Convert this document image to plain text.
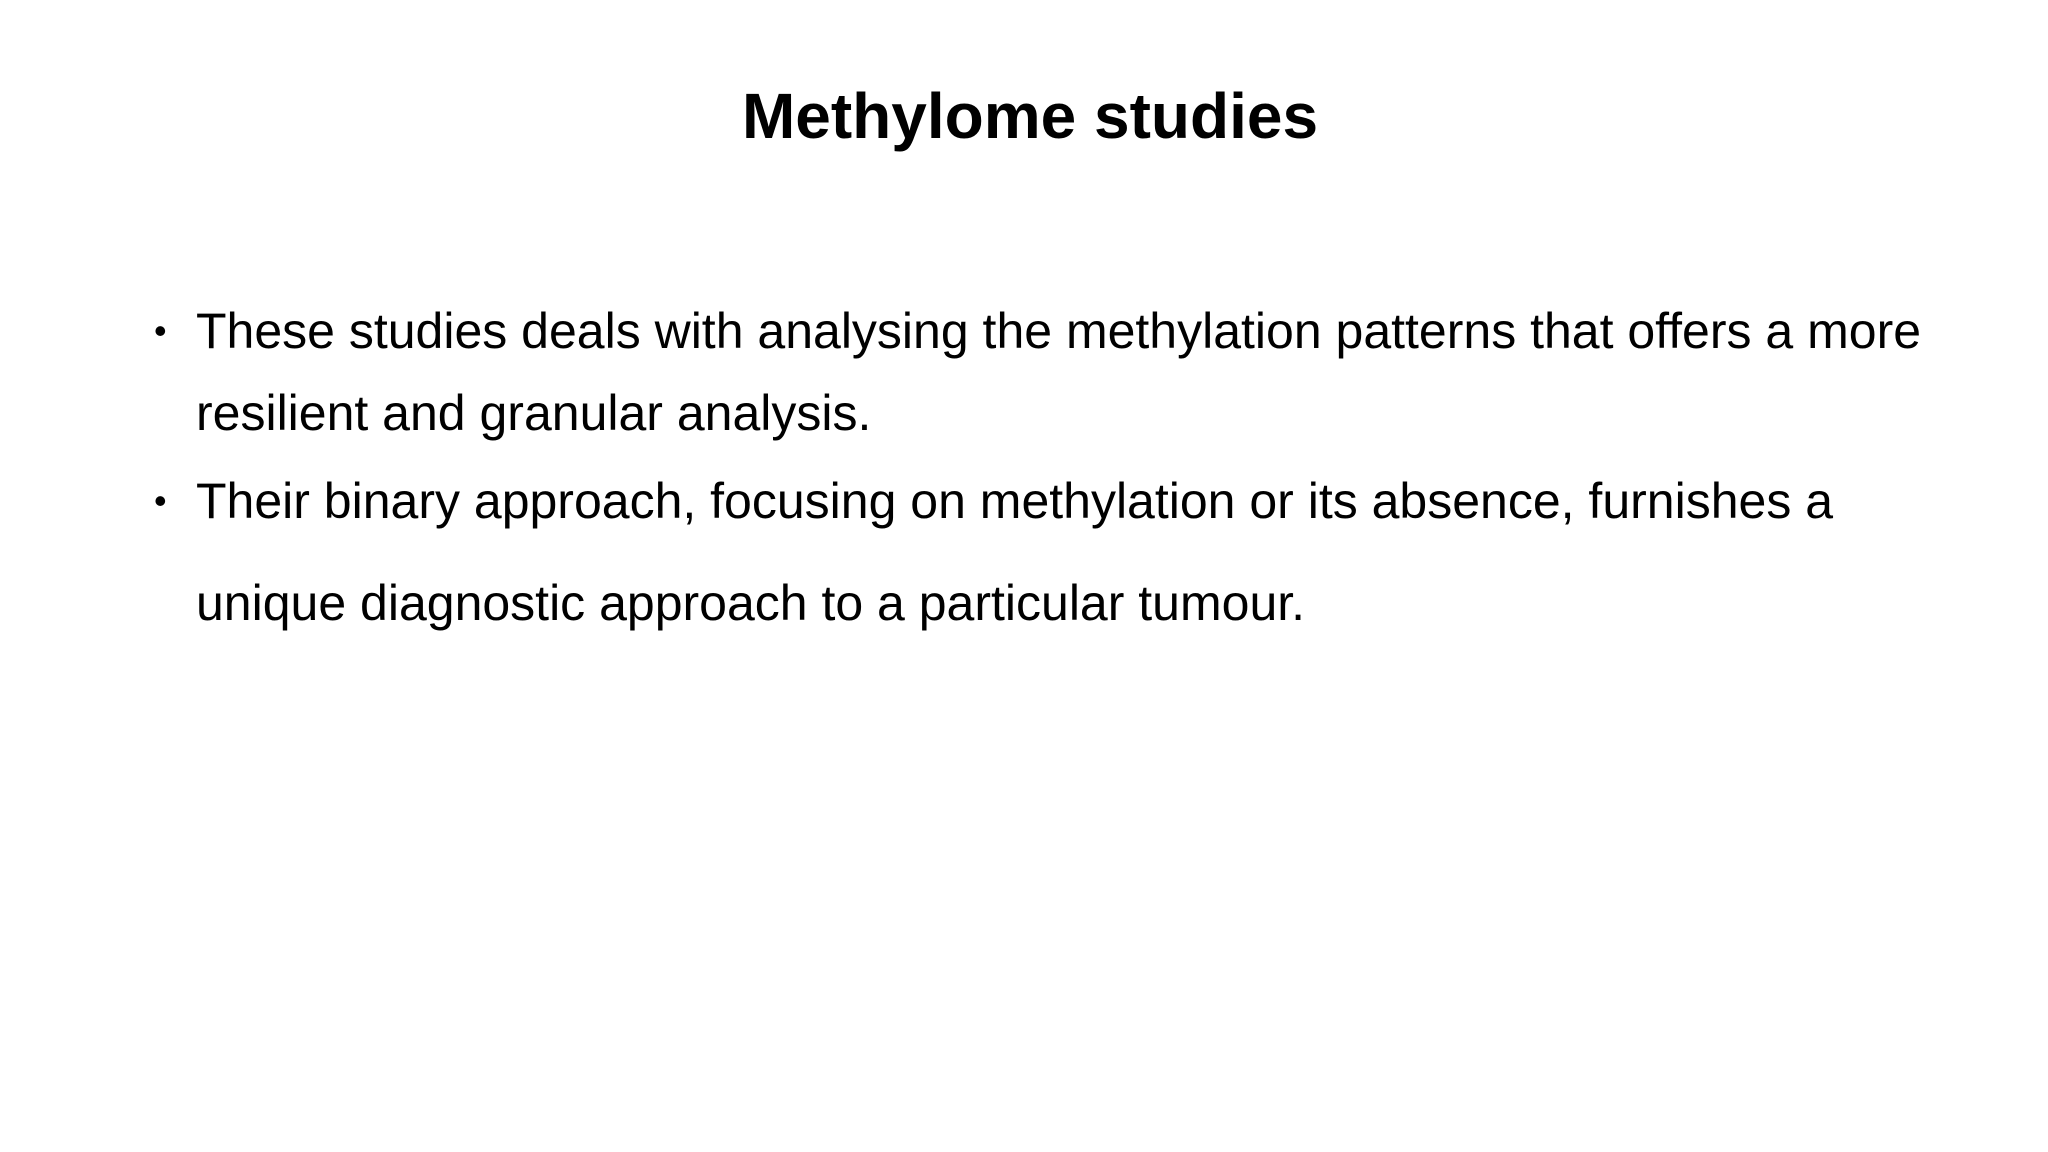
Methylome studies
• These studies deals with analysing the methylation patterns that offers a more resilient and granular analysis.
• Their binary approach, focusing on methylation or its absence, furnishes a unique diagnostic approach to a particular tumour.
